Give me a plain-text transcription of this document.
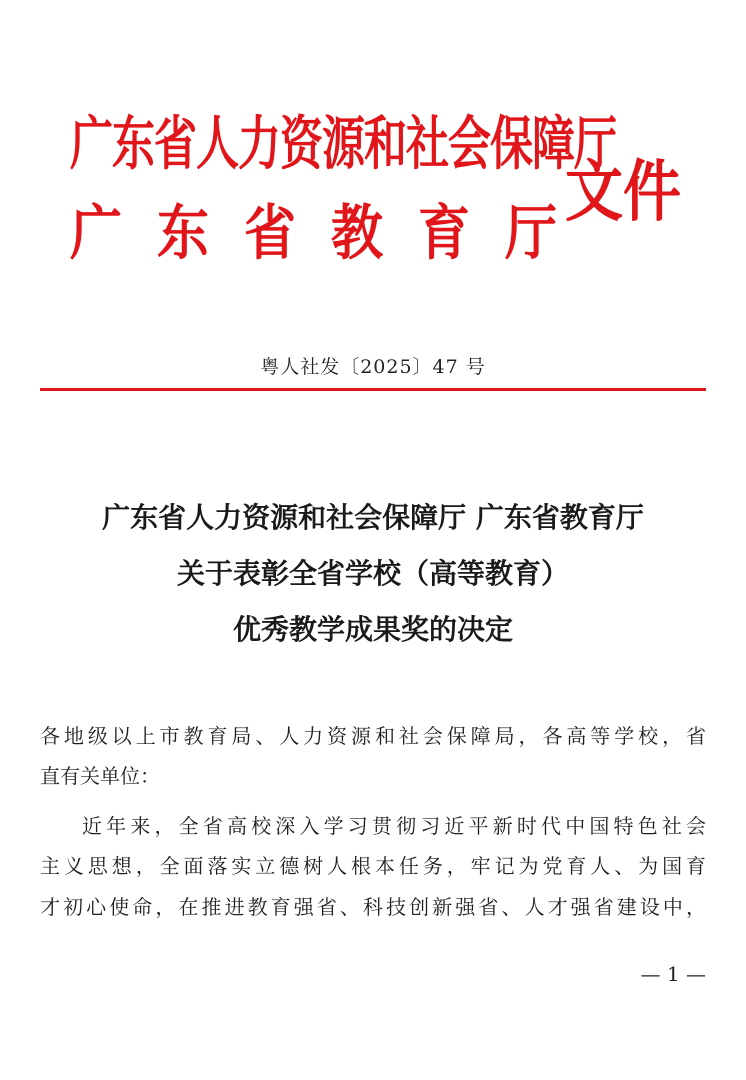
广东省人力资源和社会保障厅
广东省教育厅
文件
粤人社发〔2025〕47 号
广东省人力资源和社会保障厅 广东省教育厅
关于表彰全省学校（高等教育）
优秀教学成果奖的决定
各地级以上市教育局、人力资源和社会保障局，各高等学校，省
直有关单位：
近年来，全省高校深入学习贯彻习近平新时代中国特色社会
主义思想，全面落实立德树人根本任务，牢记为党育人、为国育
才初心使命，在推进教育强省、科技创新强省、人才强省建设中，
— 1 —
